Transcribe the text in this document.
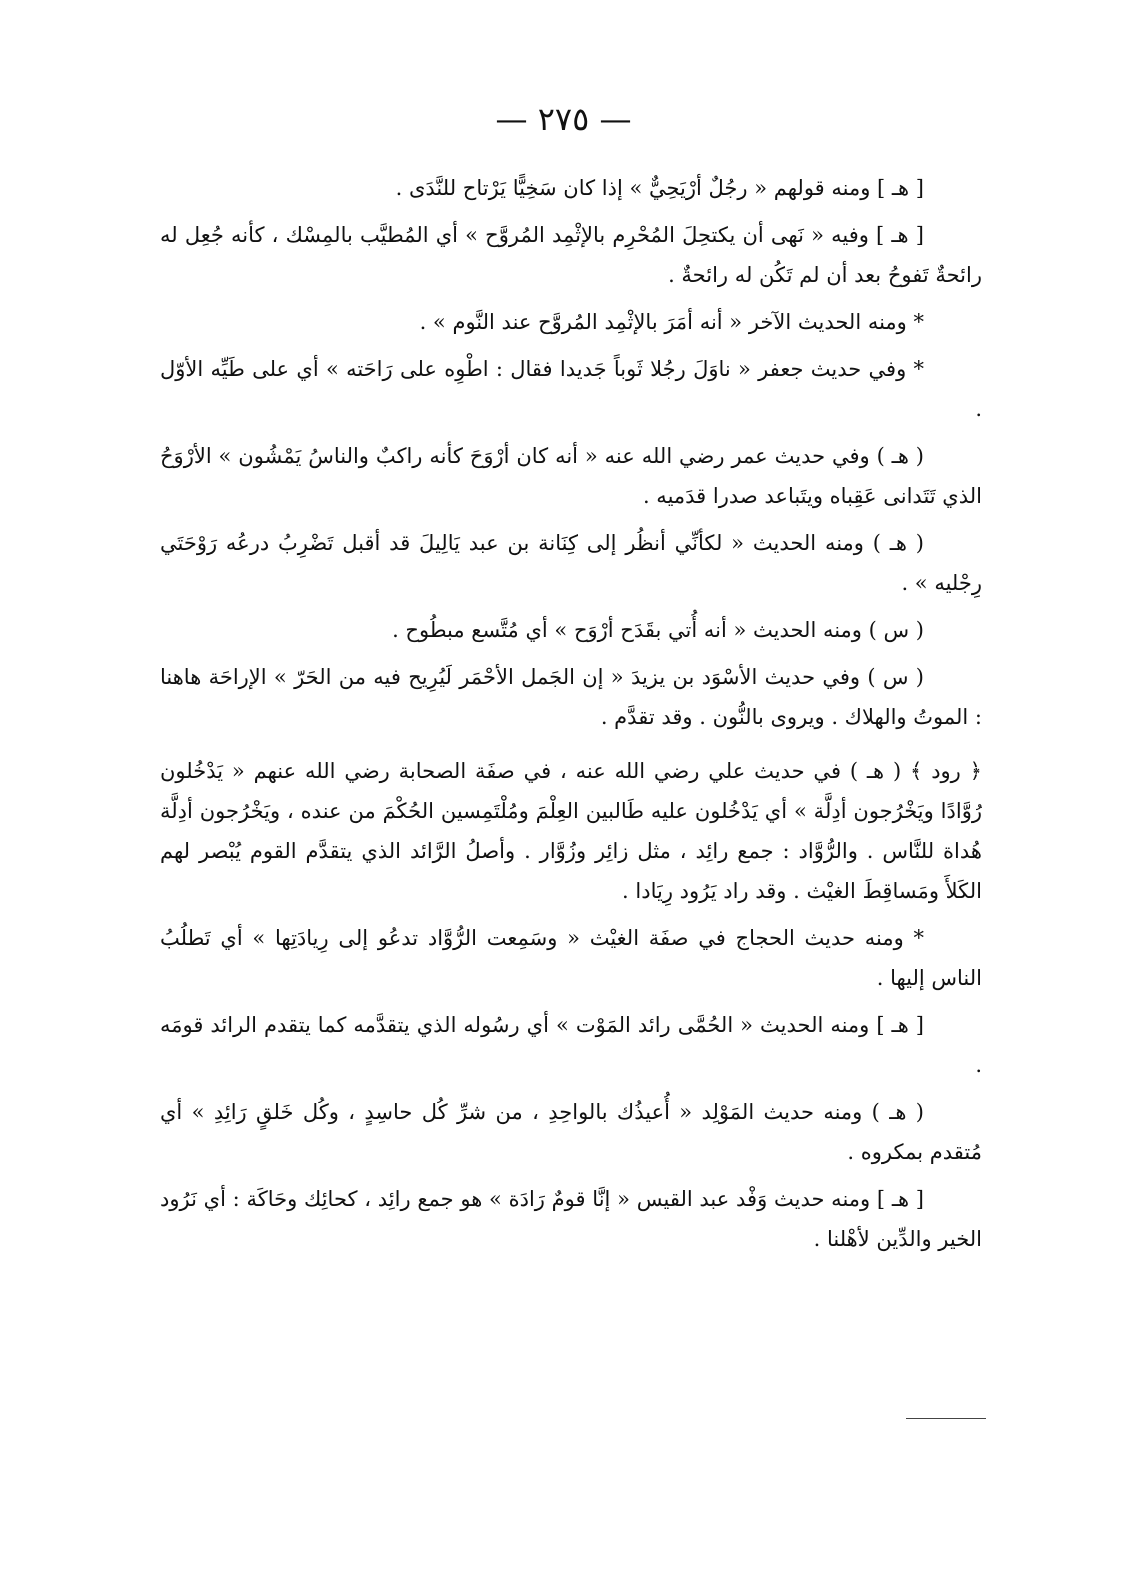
— ٢٧٥ —

[ هـ ] ومنه قولهم « رجُلٌ أرْيَحِيٌّ » إذا كان سَخِيًّا يَرْتاح للنَّدَى .

[ هـ ] وفيه « نَهى أن يكتحِلَ المُحْرِم بالإثْمِد المُروَّح » أي المُطيَّب بالمِسْك ، كأنه جُعِل له رائحةٌ تَفوحُ بعد أن لم تَكُن له رائحةٌ .

* ومنه الحديث الآخر « أنه أمَرَ بالإثْمِد المُروَّح عند النَّوم » .

* وفي حديث جعفر « ناوَلَ رجُلا ثَوباً جَديدا فقال : اطْوِه على رَاحَته » أي على طَيِّه الأوّل .

( هـ ) وفي حديث عمر رضي الله عنه « أنه كان أرْوَحَ كأنه راكبٌ والناسُ يَمْشُون » الأرْوَحُ الذي تَتَدانى عَقِباه ويتَباعد صدرا قدَميه .

( هـ ) ومنه الحديث « لكأنِّي أنظُر إلى كِنَانة بن عبد يَالِيلَ قد أقبل تَضْرِبُ درعُه رَوْحَتَي رِجْليه » .

( س ) ومنه الحديث « أنه أُتي بقَدَح أرْوَح » أي مُتَّسع مبطُوح .

( س ) وفي حديث الأسْوَد بن يزيدَ « إن الجَمل الأحْمَر لَيُرِيح فيه من الحَرّ » الإراحَة هاهنا : الموتُ والهلاك . ويروى بالنُّون . وقد تقدَّم .

﴿ رود ﴾ ( هـ ) في حديث علي رضي الله عنه ، في صفَة الصحابة رضي الله عنهم « يَدْخُلون رُوَّادًا ويَخْرُجون أدِلَّة » أي يَدْخُلون عليه طَالبين العِلْمَ ومُلْتَمِسين الحُكْمَ من عنده ، ويَخْرُجون أدِلَّة هُداة للنَّاس . والرُّوَّاد : جمع رائِد ، مثل زائِر وزُوَّار . وأصلُ الرَّائد الذي يتقدَّم القوم يُبْصر لهم الكَلأَ ومَساقِطَ الغيْث . وقد راد يَرُود رِيَادا .

* ومنه حديث الحجاج في صفَة الغيْث « وسَمِعت الرُّوَّاد تدعُو إلى رِيادَتِها » أي تَطلُبُ الناس إليها .

[ هـ ] ومنه الحديث « الحُمَّى رائد المَوْت » أي رسُوله الذي يتقدَّمه كما يتقدم الرائد قومَه .

( هـ ) ومنه حديث المَوْلِد « أُعيذُك بالواحِدِ ، من شرِّ كُل حاسِدٍ ، وكُل خَلقٍ رَائِدِ » أي مُتقدم بمكروه .

[ هـ ] ومنه حديث وَفْد عبد القيس « إنَّا قومٌ رَادَة » هو جمع رائِد ، كحائِك وحَاكَة : أي نَرُود الخير والدِّين لأهْلنا .
